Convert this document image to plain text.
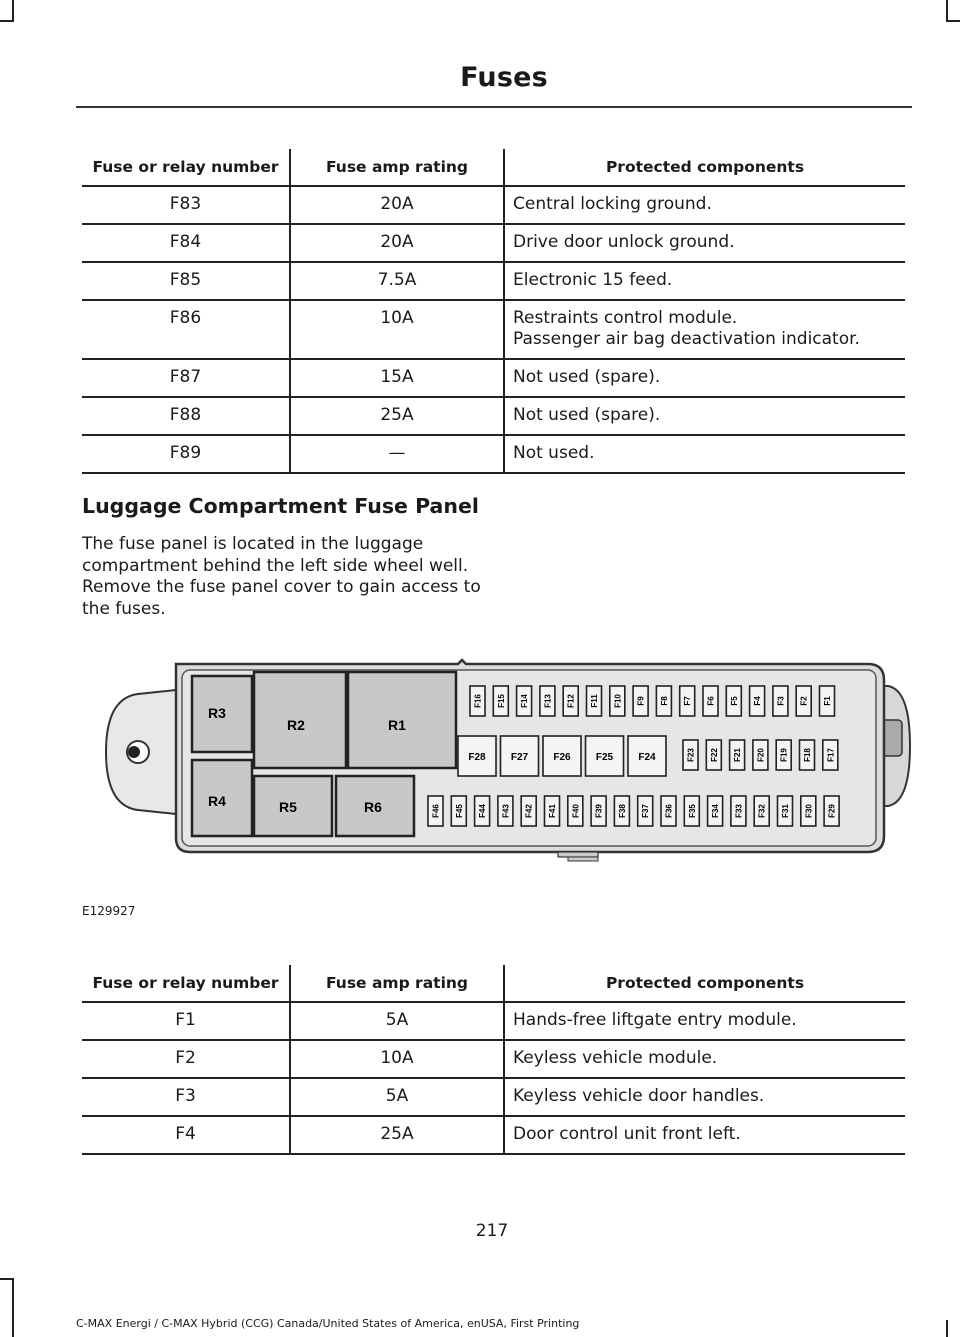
Fuses
Fuse or relay number	Fuse amp rating	Protected components
F83	20A	Central locking ground.
F84	20A	Drive door unlock ground.
F85	7.5A	Electronic 15 feed.
F86	10A	Restraints control module.
Passenger air bag deactivation indicator.
F87	15A	Not used (spare).
F88	25A	Not used (spare).
F89	—	Not used.
Luggage Compartment Fuse Panel

The fuse panel is located in the luggage compartment behind the left side wheel well. Remove the fuse panel cover to gain access to the fuses.

R3
R2	R1
R4	R5	R6
F16 F15 F14 F13 F12 F11 F10 F9 F8 F7 F6 F5 F4 F3 F2 F1
F28	F27	F26	F25	F24	F23 F22 F21 F20 F19 F18 F17
F46 F45 F44 F43 F42 F41 F40 F39 F38 F37 F36 F35 F34 F33 F32 F31 F30 F29
E129927
Fuse or relay number	Fuse amp rating	Protected components
F1	5A	Hands-free liftgate entry module.
F2	10A	Keyless vehicle module.
F3	5A	Keyless vehicle door handles.
F4	25A	Door control unit front left.
217
C-MAX Energi / C-MAX Hybrid (CCG) Canada/United States of America, enUSA, First Printing
